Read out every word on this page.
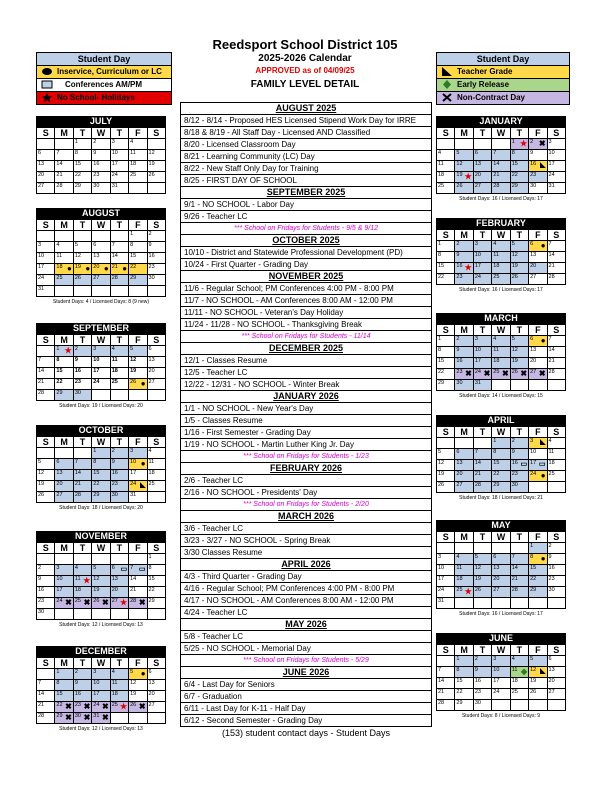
Reedsport School District 105
2025-2026 Calendar
APPROVED as of 04/09/25
FAMILY LEVEL DETAIL
Student Day
Inservice, Curriculum or LC
Conferences AM/PM
No School- Holidays
Student Day
Teacher Grade
Early Release
Non-Contract Day
JULY
S	M	T	W	T	F	S
		1	2	3	4	
6	7	8	9	10	11	12
13	14	15	16	17	18	19
20	21	22	23	24	25	26
27	28	29	30	31		
AUGUST
S	M	T	W	T	F	S
					1	2
3	4	5	6	7	8	9
10	11	12	13	14	15	16
17	18 ●	19 ●	20 ●	21 ●	22	23
24	25	26	27	28	29	30
31						
Student Days: 4 / Licensed Days: 8 (9 new)
SEPTEMBER
S	M	T	W	T	F	S
	1 ★	2	3	4	5	6
7	8	9	10	11	12	13
14	15	16	17	18	19	20
21	22	23	24	25	26 ●	27
28	29	30				
Student Days: 19 / Licensed Days: 20
OCTOBER
S	M	T	W	T	F	S
			1	2	3	4
5	6	7	8	9	10 ●	11
12	13	14	15	16	17	18
19	20	21	22	23	24 ◣	25
26	27	28	29	30	31	
Student Days: 18 / Licensed Days: 20
NOVEMBER
S	M	T	W	T	F	S
						1
2	3	4	5	6 ▭	7 ▭	8
9	10	11 ★	12	13	14	15
16	17	18	19	20	21	22
23	24 ✖	25 ✖	26 ✖	27 ★	28 ✖	29
30						
Student Days: 12 / Licensed Days: 13
DECEMBER
S	M	T	W	T	F	S
	1	2	3	4	5 ●	6
7	8	9	10	11	12	13
14	15	16	17	18	19	20
21	22 ✖	23 ✖	24 ✖	25 ★	26 ✖	27
28	29 ✖	30 ✖	31 ✖			

Student Days: 12 / Licensed Days: 13
JANUARY
S	M	T	W	T	F	S
				1 ★	2 ✖	3
4	5	6	7	8	9	10
11	12	13	14	15	16 ◣	17
18	19 ★	20	21	22	23	24
25	26	27	28	29	30	31
Student Days: 16 / Licensed Days: 17
FEBRUARY
S	M	T	W	T	F	S
1	2	3	4	5	6 ●	7
8	9	10	11	12	13	14
15	16 ★	17	18	19	20	21
22	23	24	25	26	27	28
Student Days: 16 / Licensed Days: 17
MARCH
S	M	T	W	T	F	S
1	2	3	4	5	6 ●	7
8	9	10	11	12	13	14
15	16	17	18	19	20	21
22	23 ✖	24 ✖	25 ✖	26 ✖	27 ✖	28
29	30	31				
Student Days: 14 / Licensed Days: 15
APRIL
S	M	T	W	T	F	S
			1	2	3 ◣	4
5	6	7	8	9	10	11
12	13	14	15	16 ▭	17 ▭	18
19	20	21	22	23	24 ●	25
26	27	28	29	30		
Student Days: 18 / Licensed Days: 21
MAY
S	M	T	W	T	F	S
					1	2
3	4	5	6	7	8 ●	9
10	11	12	13	14	15	16
17	18	19	20	21	22	23
24	25 ★	26	27	28	29	30
31						
Student Days: 16 / Licensed Days: 17
JUNE
S	M	T	W	T	F	S
	1	2	3	4	5	6
7	8	9	10	11 ◆	12 ◣	13
14	15	16	17	18	19	20
21	22	23	24	25	26	27
28	29	30				
Student Days: 8 / Licensed Days: 9
AUGUST 2025
8/12 - 8/14 - Proposed HES Licensed Stipend Work Day for IRRE
8/18 & 8/19 - All Staff Day - Licensed AND Classified
8/20 - Licensed Classroom Day
8/21 - Learning Community (LC) Day
8/22 - New Staff Only Day for Training
8/25 - FIRST DAY OF SCHOOL
SEPTEMBER 2025
9/1 - NO SCHOOL - Labor Day
9/26 - Teacher LC
*** School on Fridays for Students - 9/5 & 9/12
OCTOBER 2025
10/10 - District and Statewide Professional Development (PD)
10/24 - First Quarter - Grading Day
NOVEMBER 2025
11/6 - Regular School; PM Conferences 4:00 PM - 8:00 PM
11/7 - NO SCHOOL - AM Conferences 8:00 AM - 12:00 PM
11/11 - NO SCHOOL - Veteran's Day Holiday
11/24 - 11/28 - NO SCHOOL - Thanksgiving Break
*** School on Fridays for Students - 11/14
DECEMBER 2025
12/1 - Classes Resume
12/5 - Teacher LC
12/22 - 12/31 - NO SCHOOL - Winter Break
JANUARY 2026
1/1 - NO SCHOOL - New Year's Day
1/5 - Classes Resume
1/16 - First Semester - Grading Day
1/19 - NO SCHOOL - Martin Luther King Jr. Day
*** School on Fridays for Students - 1/23
FEBRUARY 2026
2/6 - Teacher LC
2/16 - NO SCHOOL - Presidents' Day
*** School on Fridays for Students - 2/20
MARCH 2026
3/6 - Teacher LC
3/23 - 3/27 - NO SCHOOL - Spring Break
3/30 Classes Resume
APRIL 2026
4/3 - Third Quarter - Grading Day
4/16 - Regular School; PM Conferences 4:00 PM - 8:00 PM
4/17 - NO SCHOOL - AM Conferences 8:00 AM - 12:00 PM
4/24 - Teacher LC
MAY 2026
5/8 - Teacher LC
5/25 - NO SCHOOL - Memorial Day
*** School on Fridays for Students - 5/29
JUNE 2026
6/4 - Last Day for Seniors
6/7 - Graduation
6/11 - Last Day for K-11 - Half Day
6/12 - Second Semester - Grading Day
(153) student contact days - Student Days
